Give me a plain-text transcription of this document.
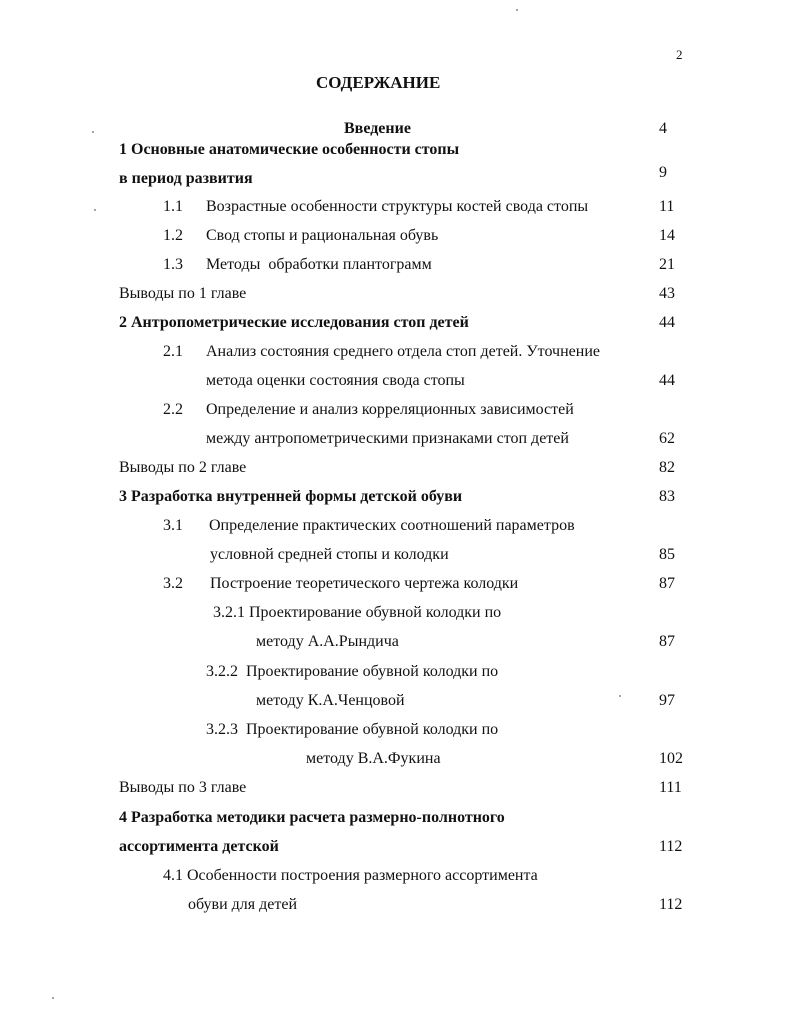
2
СОДЕРЖАНИЕ
Введение	4
1 Основные анатомические особенности стопы
в период развития	9
1.1 Возрастные особенности структуры костей свода стопы	11
1.2 Свод стопы и рациональная обувь	14
1.3 Методы  обработки плантограмм	21
Выводы по 1 главе	43
2 Антропометрические исследования стоп детей	44
2.1 Анализ состояния среднего отдела стоп детей. Уточнение
метода оценки состояния свода стопы	44
2.2 Определение и анализ корреляционных зависимостей
между антропометрическими признаками стоп детей	62
Выводы по 2 главе	82
3 Разработка внутренней формы детской обуви	83
3.1 Определение практических соотношений параметров
условной средней стопы и колодки	85
3.2 Построение теоретического чертежа колодки	87
3.2.1 Проектирование обувной колодки по
методу А.А.Рындича	87
3.2.2  Проектирование обувной колодки по
методу К.А.Ченцовой	97
3.2.3  Проектирование обувной колодки по
методу В.А.Фукина	102
Выводы по 3 главе	111
4 Разработка методики расчета размерно-полнотного
ассортимента детской	112
4.1 Особенности построения размерного ассортимента
обуви для детей	112
